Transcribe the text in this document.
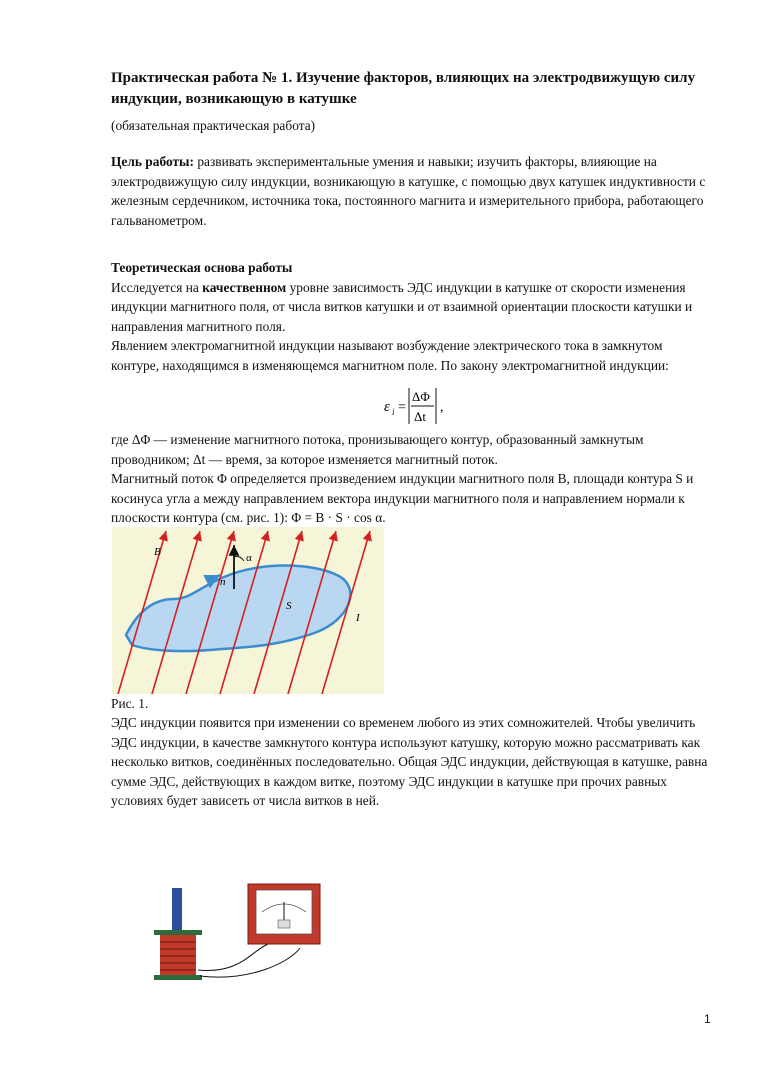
Практическая работа № 1. Изучение факторов, влияющих на электродвижущую силу индукции, возникающую в катушке
(обязательная практическая работа)
Цель работы: развивать экспериментальные умения и навыки; изучить факторы, влияющие на электродвижущую силу индукции, возникающую в катушке, с помощью двух катушек индуктивности с железным сердечником, источника тока, постоянного магнита и измерительного прибора, работающего гальванометром.
Теоретическая основа работы
Исследуется на качественном уровне зависимость ЭДС индукции в катушке от скорости изменения индукции магнитного поля, от числа витков катушки и от взаимной ориентации плоскости катушки и направления магнитного поля.
Явлением электромагнитной индукции называют возбуждение электрического тока в замкнутом контуре, находящимся в изменяющемся магнитном поле. По закону электромагнитной индукции:
ε i =
ΔΦ
Δt
,
где ΔΦ — изменение магнитного потока, пронизывающего контур, образованный замкнутым проводником; Δt — время, за которое изменяется магнитный поток.
Магнитный поток Φ определяется произведением индукции магнитного поля B, площади контура S и косинуса угла a между направлением вектора индукции магнитного поля и направлением нормали к плоскости контура (см. рис. 1): Φ = B · S · cos α.
α
n
B
S
I
Рис. 1.
ЭДС индукции появится при изменении со временем любого из этих сомножителей. Чтобы увеличить ЭДС индукции, в качестве замкнутого контура используют катушку, которую можно рассматривать как несколько витков, соединённых последовательно. Общая ЭДС индукции, действующая в катушке, равна сумме ЭДС, действующих в каждом витке, поэтому ЭДС индукции в катушке при прочих равных условиях будет зависеть от числа витков в ней.
1
